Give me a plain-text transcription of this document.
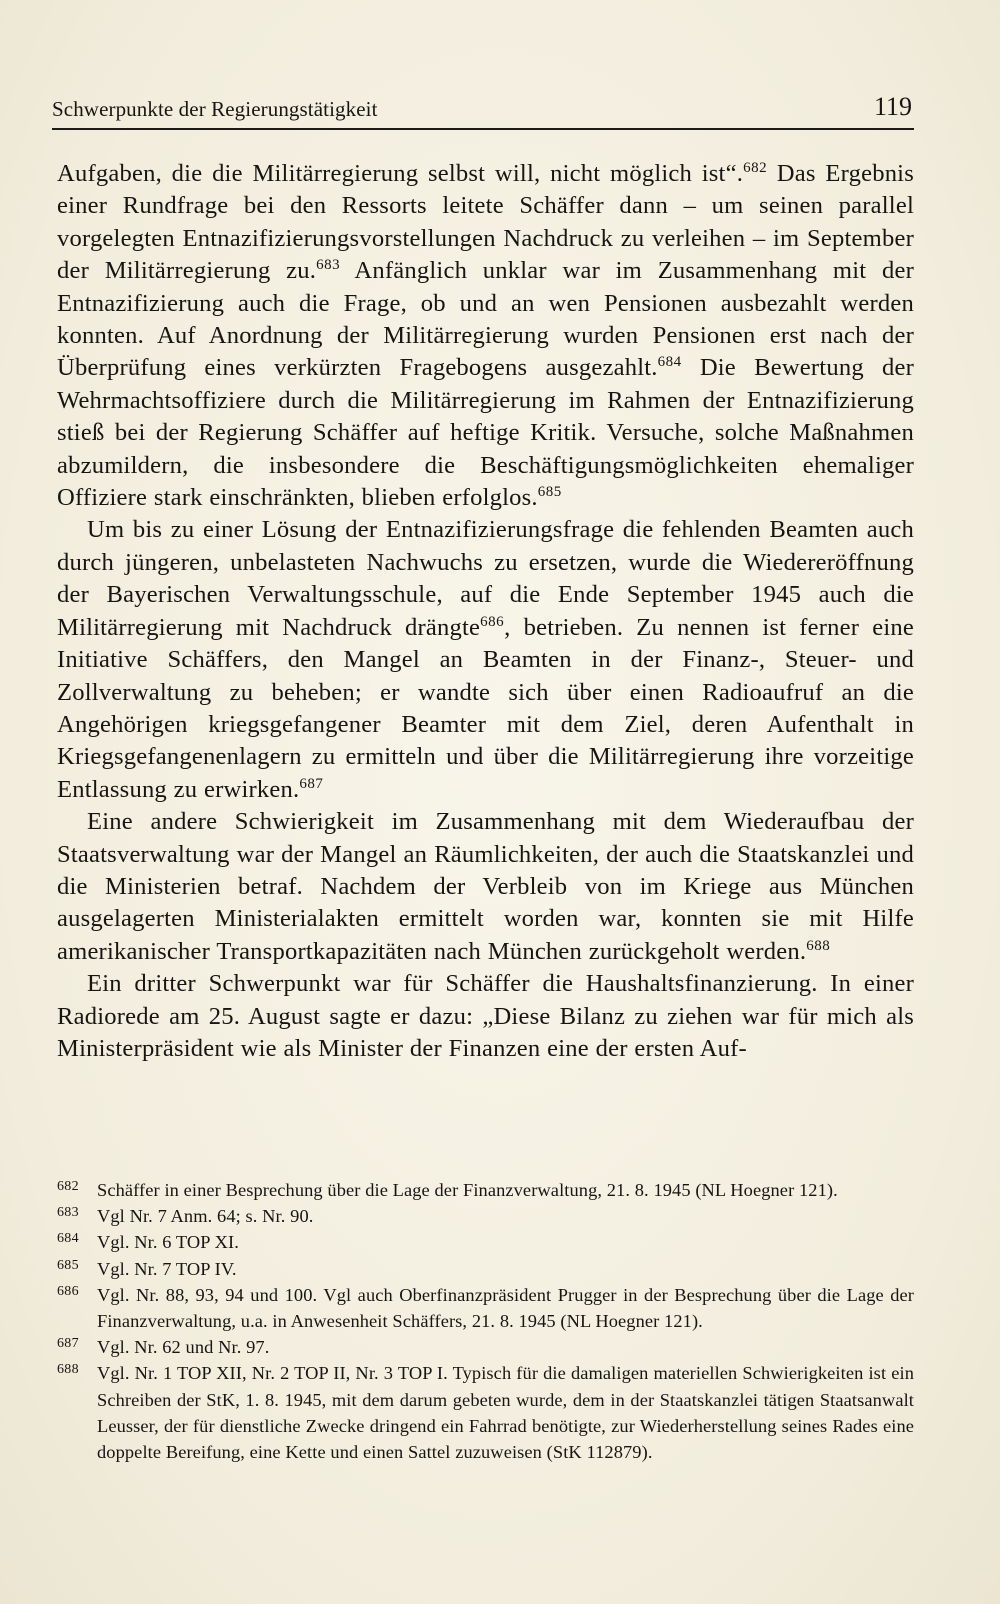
Schwerpunkte der Regierungstätigkeit	119

Aufgaben, die die Militärregierung selbst will, nicht möglich ist“.$^{682}$ Das Ergebnis einer Rundfrage bei den Ressorts leitete Schäffer dann – um seinen parallel vorgelegten Entnazifizierungsvorstellungen Nachdruck zu verleihen – im September der Militärregierung zu.$^{683}$ Anfänglich unklar war im Zusammenhang mit der Entnazifizierung auch die Frage, ob und an wen Pensionen ausbezahlt werden konnten. Auf Anordnung der Militärregierung wurden Pensionen erst nach der Überprüfung eines verkürzten Fragebogens ausgezahlt.$^{684}$ Die Bewertung der Wehrmachtsoffiziere durch die Militärregierung im Rahmen der Entnazifizierung stieß bei der Regierung Schäffer auf heftige Kritik. Versuche, solche Maßnahmen abzumildern, die insbesondere die Beschäftigungsmöglichkeiten ehemaliger Offiziere stark einschränkten, blieben erfolglos.$^{685}$

Um bis zu einer Lösung der Entnazifizierungsfrage die fehlenden Beamten auch durch jüngeren, unbelasteten Nachwuchs zu ersetzen, wurde die Wiedereröffnung der Bayerischen Verwaltungsschule, auf die Ende September 1945 auch die Militärregierung mit Nachdruck drängte$^{686}$, betrieben. Zu nennen ist ferner eine Initiative Schäffers, den Mangel an Beamten in der Finanz-, Steuer- und Zollverwaltung zu beheben; er wandte sich über einen Radioaufruf an die Angehörigen kriegsgefangener Beamter mit dem Ziel, deren Aufenthalt in Kriegsgefangenenlagern zu ermitteln und über die Militärregierung ihre vorzeitige Entlassung zu erwirken.$^{687}$

Eine andere Schwierigkeit im Zusammenhang mit dem Wiederaufbau der Staatsverwaltung war der Mangel an Räumlichkeiten, der auch die Staatskanzlei und die Ministerien betraf. Nachdem der Verbleib von im Kriege aus München ausgelagerten Ministerialakten ermittelt worden war, konnten sie mit Hilfe amerikanischer Transportkapazitäten nach München zurückgeholt werden.$^{688}$

Ein dritter Schwerpunkt war für Schäffer die Haushaltsfinanzierung. In einer Radiorede am 25. August sagte er dazu: „Diese Bilanz zu ziehen war für mich als Ministerpräsident wie als Minister der Finanzen eine der ersten Auf-

682 Schäffer in einer Besprechung über die Lage der Finanzverwaltung, 21. 8. 1945 (NL Hoegner 121).

683 Vgl Nr. 7 Anm. 64; s. Nr. 90.

684 Vgl. Nr. 6 TOP XI.

685 Vgl. Nr. 7 TOP IV.

686 Vgl. Nr. 88, 93, 94 und 100. Vgl auch Oberfinanzpräsident Prugger in der Besprechung über die Lage der Finanzverwaltung, u.a. in Anwesenheit Schäffers, 21. 8. 1945 (NL Hoegner 121).

687 Vgl. Nr. 62 und Nr. 97.

688 Vgl. Nr. 1 TOP XII, Nr. 2 TOP II, Nr. 3 TOP I. Typisch für die damaligen materiellen Schwierigkeiten ist ein Schreiben der StK, 1. 8. 1945, mit dem darum gebeten wurde, dem in der Staatskanzlei tätigen Staatsanwalt Leusser, der für dienstliche Zwecke dringend ein Fahrrad benötigte, zur Wiederherstellung seines Rades eine doppelte Bereifung, eine Kette und einen Sattel zuzuweisen (StK 112879).
